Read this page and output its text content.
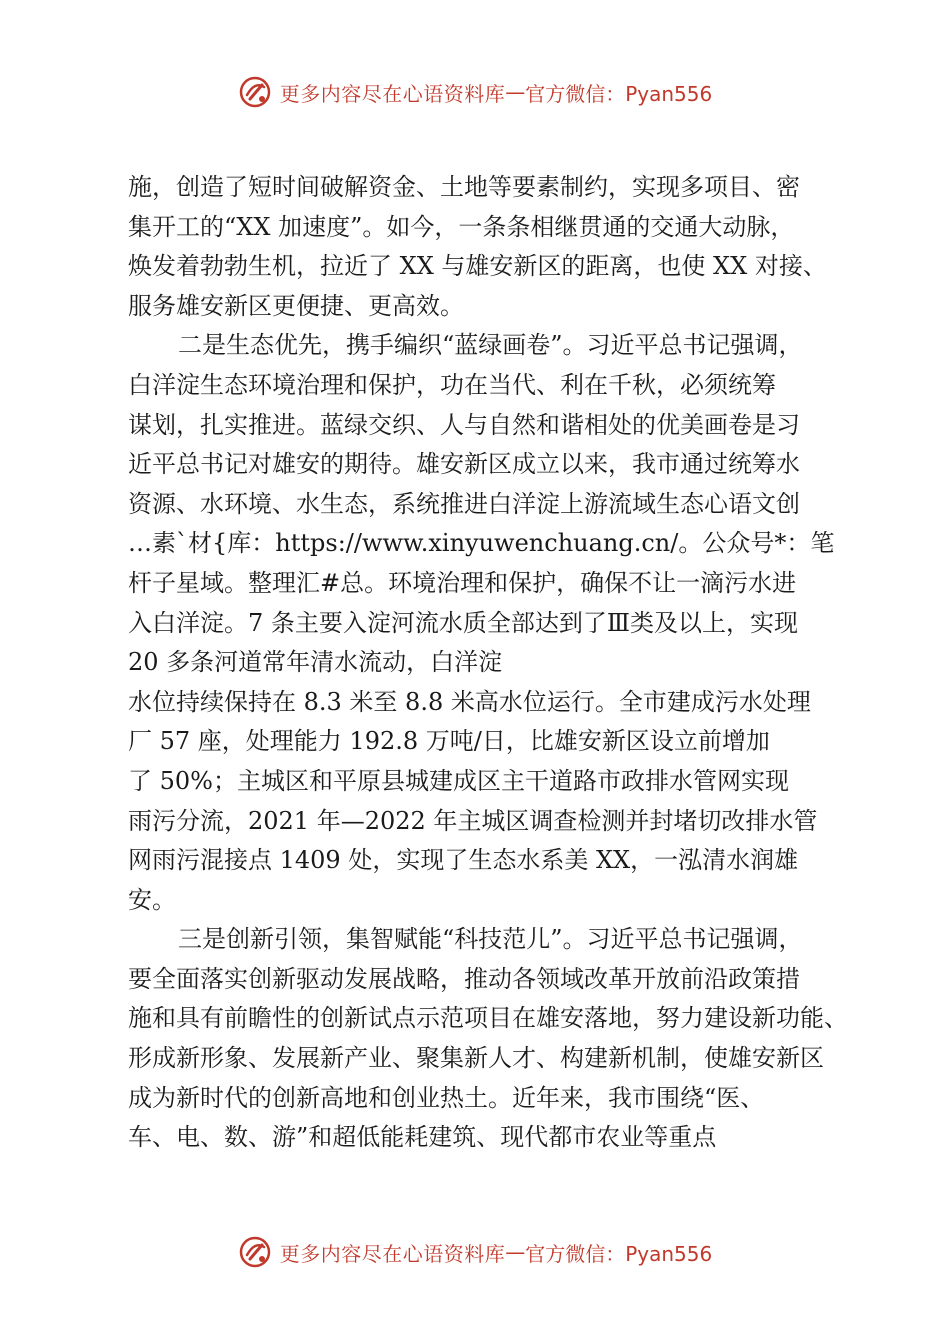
更多内容尽在心语资料库 — 官方微信：Pyan556
施，创造了短时间破解资金、土地等要素制约，实现多项目、密
集开工的“XX 加速度”。如今，一条条相继贯通的交通大动脉，
焕发着勃勃生机，拉近了 XX 与雄安新区的距离，也使 XX 对接、
服务雄安新区更便捷、更高效。
二是生态优先，携手编织“蓝绿画卷”。习近平总书记强调，
白洋淀生态环境治理和保护，功在当代、利在千秋，必须统筹
谋划，扎实推进。蓝绿交织、人与自然和谐相处的优美画卷是习
近平总书记对雄安的期待。雄安新区成立以来，我市通过统筹水
资源、水环境、水生态，系统推进白洋淀上游流域生态心语文创
…素`材{库：https://www.xinyuwenchuang.cn/。公众号*：笔
杆子星域。整理汇#总。环境治理和保护，确保不让一滴污水进
入白洋淀。7 条主要入淀河流水质全部达到了Ⅲ类及以上，实现
20 多条河道常年清水流动，白洋淀
水位持续保持在 8.3 米至 8.8 米高水位运行。全市建成污水处理
厂 57 座，处理能力 192.8 万吨/日，比雄安新区设立前增加
了 50%；主城区和平原县城建成区主干道路市政排水管网实现
雨污分流，2021 年—2022 年主城区调查检测并封堵切改排水管
网雨污混接点 1409 处，实现了生态水系美 XX，一泓清水润雄
安。
三是创新引领，集智赋能“科技范儿”。习近平总书记强调，
要全面落实创新驱动发展战略，推动各领域改革开放前沿政策措
施和具有前瞻性的创新试点示范项目在雄安落地，努力建设新功能、
形成新形象、发展新产业、聚集新人才、构建新机制，使雄安新区
成为新时代的创新高地和创业热土。近年来，我市围绕“医、
车、电、数、游”和超低能耗建筑、现代都市农业等重点
更多内容尽在心语资料库 — 官方微信：Pyan556
